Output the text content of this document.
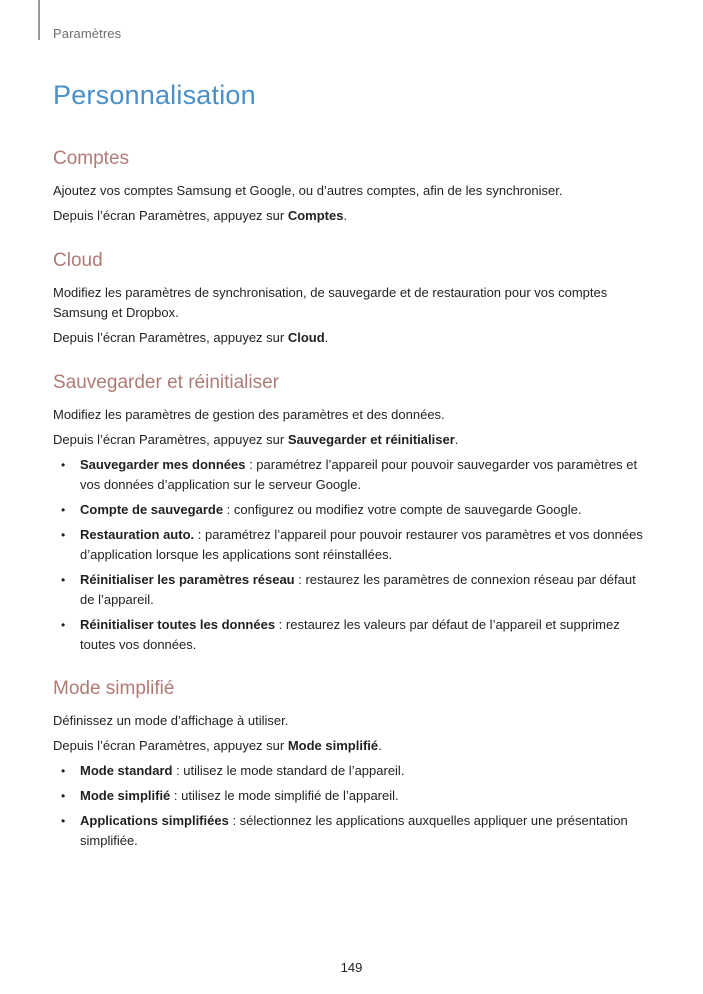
Paramètres
Personnalisation
Comptes

Ajoutez vos comptes Samsung et Google, ou d’autres comptes, afin de les synchroniser.

Depuis l’écran Paramètres, appuyez sur Comptes.

Cloud

Modifiez les paramètres de synchronisation, de sauvegarde et de restauration pour vos comptes Samsung et Dropbox.

Depuis l’écran Paramètres, appuyez sur Cloud.

Sauvegarder et réinitialiser

Modifiez les paramètres de gestion des paramètres et des données.

Depuis l’écran Paramètres, appuyez sur Sauvegarder et réinitialiser.

• Sauvegarder mes données : paramétrez l’appareil pour pouvoir sauvegarder vos paramètres et vos données d’application sur le serveur Google.
• Compte de sauvegarde : configurez ou modifiez votre compte de sauvegarde Google.
• Restauration auto. : paramétrez l’appareil pour pouvoir restaurer vos paramètres et vos données d’application lorsque les applications sont réinstallées.
• Réinitialiser les paramètres réseau : restaurez les paramètres de connexion réseau par défaut de l’appareil.
• Réinitialiser toutes les données : restaurez les valeurs par défaut de l’appareil et supprimez toutes vos données.
Mode simplifié

Définissez un mode d’affichage à utiliser.

Depuis l’écran Paramètres, appuyez sur Mode simplifié.

• Mode standard : utilisez le mode standard de l’appareil.
• Mode simplifié : utilisez le mode simplifié de l’appareil.
• Applications simplifiées : sélectionnez les applications auxquelles appliquer une présentation simplifiée.
149
